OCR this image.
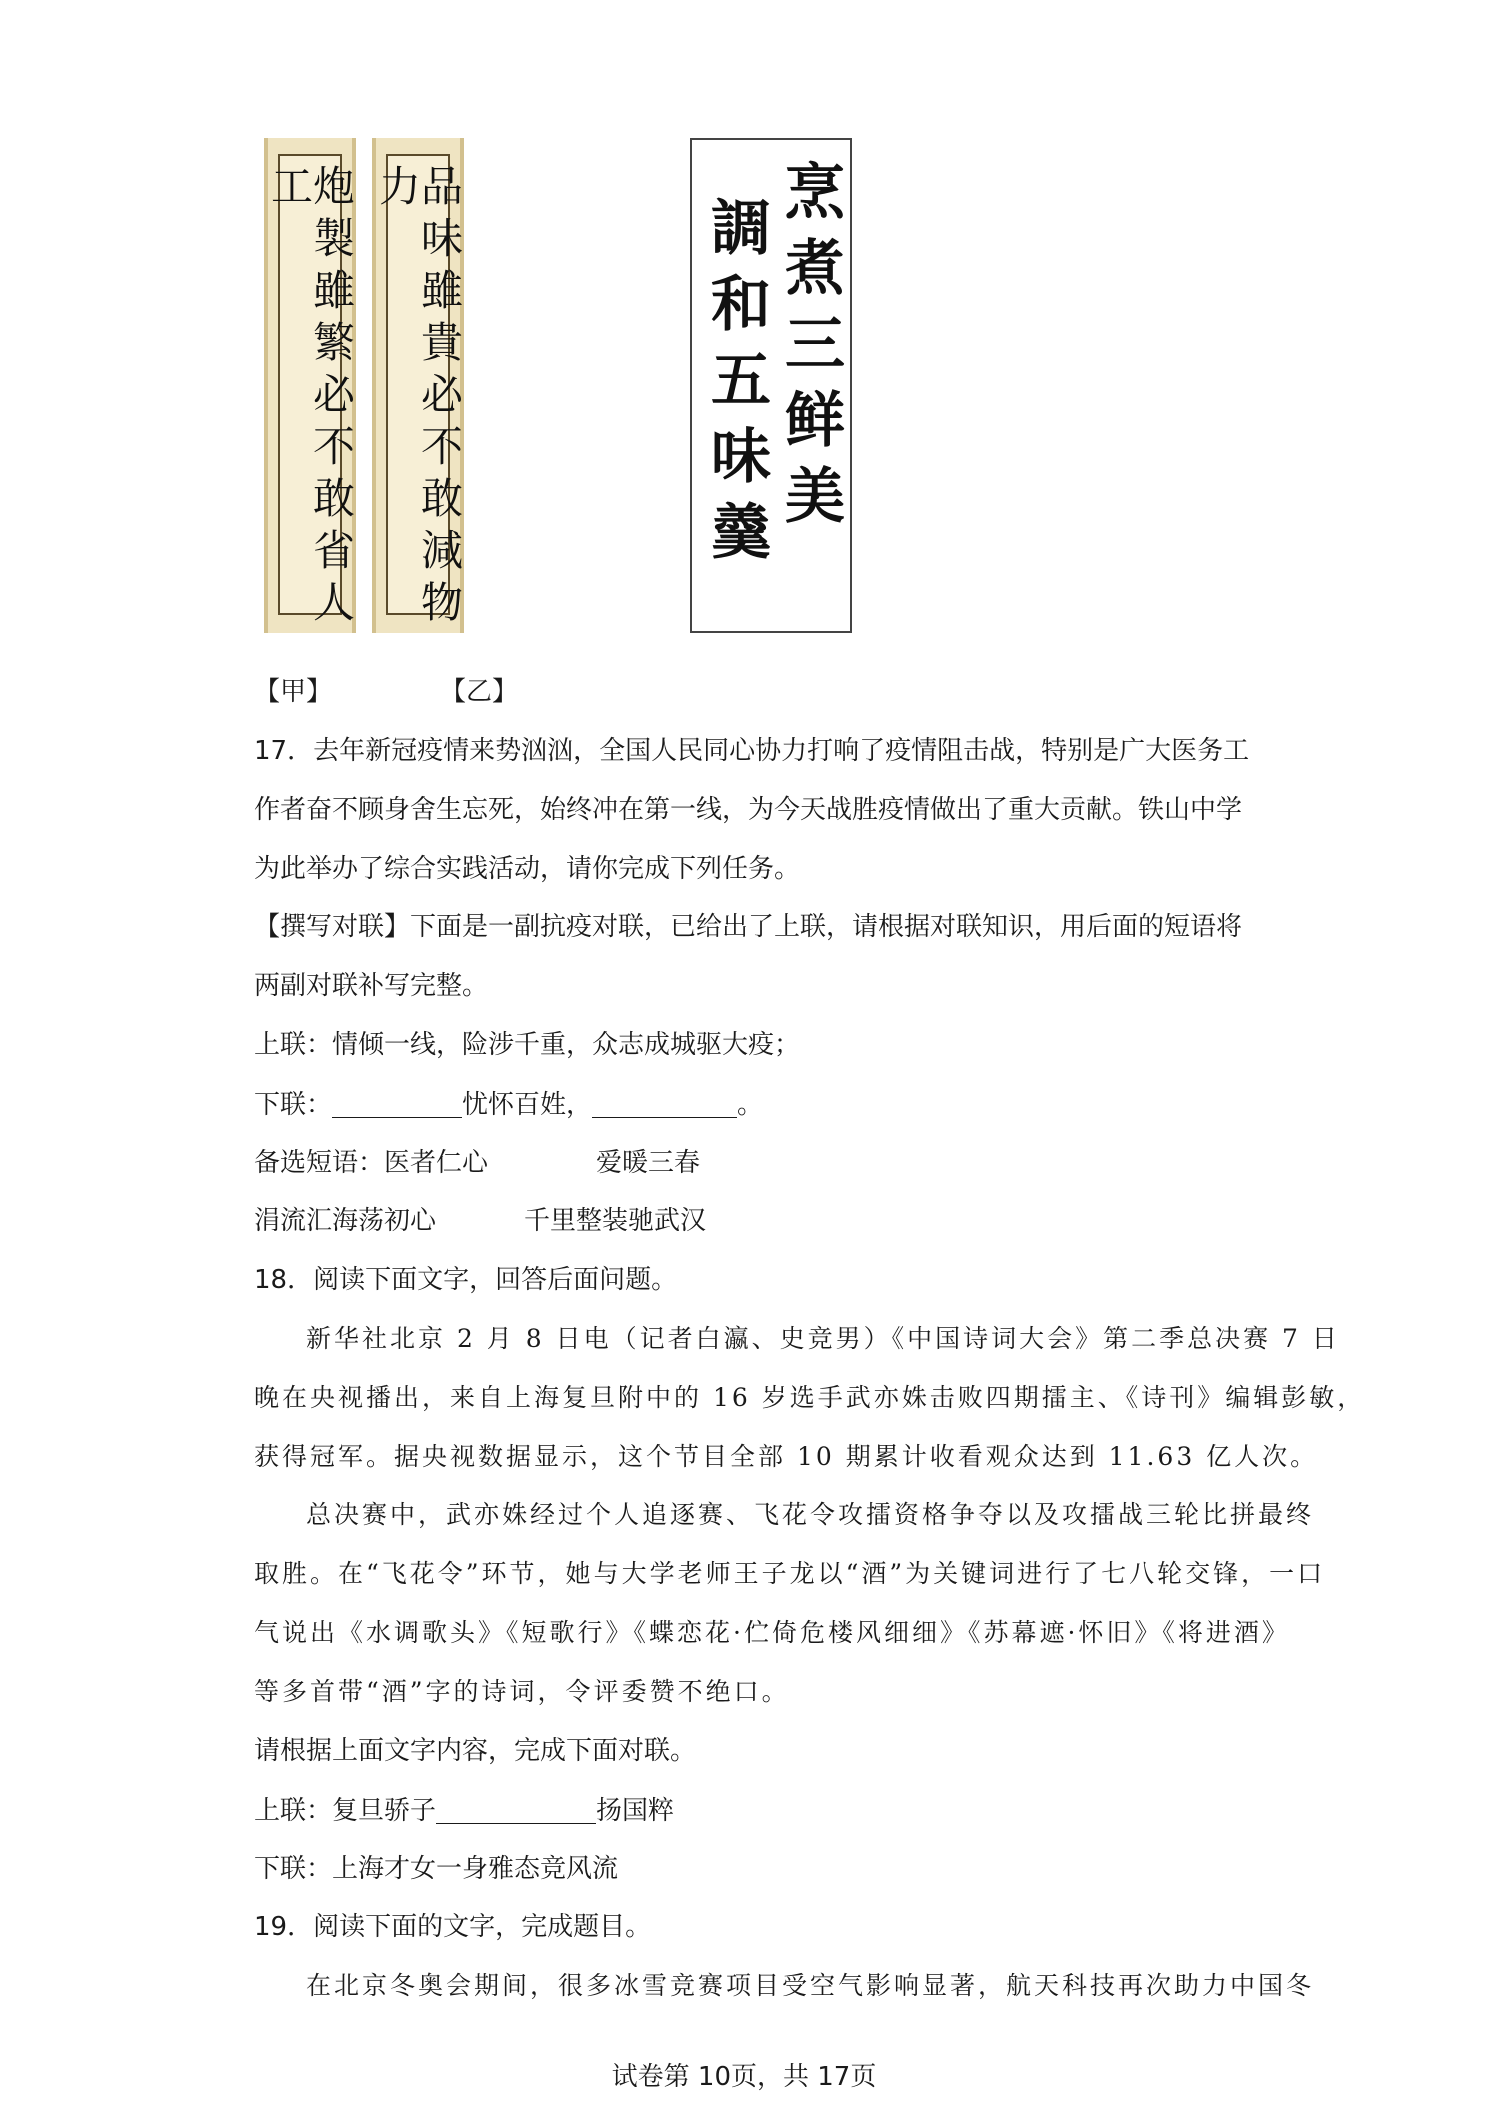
炮製雖繁必不敢省人工	品味雖貴必不敢減物力	烹煮三鲜美
調和五味羹
【甲】	【乙】
17．去年新冠疫情来势汹汹，全国人民同心协力打响了疫情阻击战，特别是广大医务工
作者奋不顾身舍生忘死，始终冲在第一线，为今天战胜疫情做出了重大贡献。铁山中学
为此举办了综合实践活动，请你完成下列任务。
【撰写对联】下面是一副抗疫对联，已给出了上联，请根据对联知识，用后面的短语将
两副对联补写完整。
上联：情倾一线，险涉千重，众志成城驱大疫；
下联：	忧怀百姓，	。
备选短语：医者仁心	爱暖三春
涓流汇海荡初心	千里整装驰武汉
18．阅读下面文字，回答后面问题。
新华社北京 2 月 8 日电（记者白瀛、史竞男）《中国诗词大会》第二季总决赛 7 日
晚在央视播出，来自上海复旦附中的 16 岁选手武亦姝击败四期擂主、《诗刊》编辑彭敏，
获得冠军。据央视数据显示，这个节目全部 10 期累计收看观众达到 11.63 亿人次。
总决赛中，武亦姝经过个人追逐赛、飞花令攻擂资格争夺以及攻擂战三轮比拼最终
取胜。在“飞花令”环节，她与大学老师王子龙以“酒”为关键词进行了七八轮交锋，一口
气说出《水调歌头》《短歌行》《蝶恋花·伫倚危楼风细细》《苏幕遮·怀旧》《将进酒》
等多首带“酒”字的诗词，令评委赞不绝口。
请根据上面文字内容，完成下面对联。
上联：复旦骄子	扬国粹
下联：上海才女一身雅态竞风流
19．阅读下面的文字，完成题目。
在北京冬奥会期间，很多冰雪竞赛项目受空气影响显著，航天科技再次助力中国冬
试卷第 10页，共 17页
